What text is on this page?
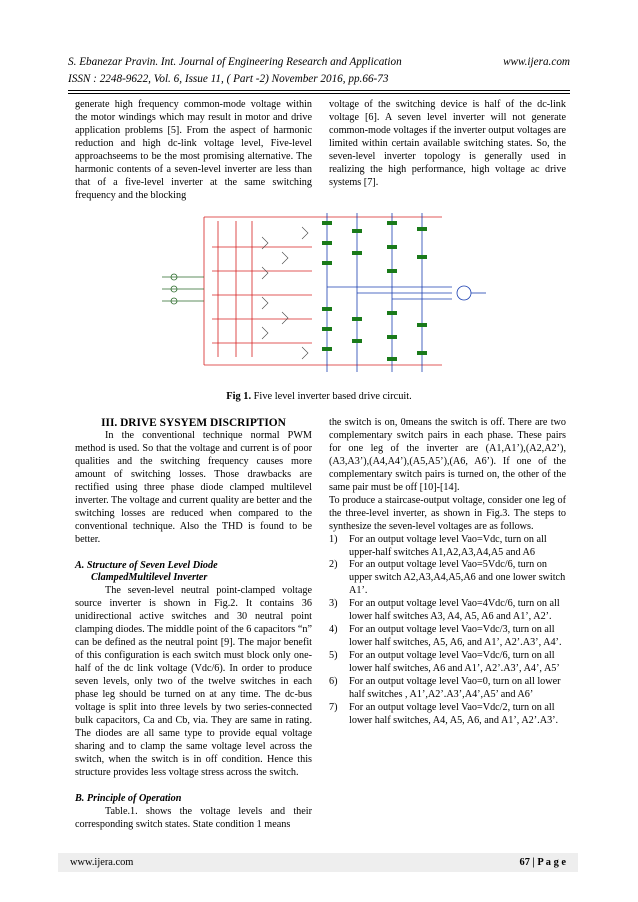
S. Ebanezar Pravin. Int. Journal of Engineering Research and Application	www.ijera.com
ISSN : 2248-9622, Vol. 6, Issue 11, ( Part -2) November 2016, pp.66-73

generate high frequency common-mode voltage within the motor windings which may result in motor and drive application problems [5]. From the aspect of harmonic reduction and high dc-link voltage level, Five-level approachseems to be the most promising alternative. The harmonic contents of a seven-level inverter are less than that of a five-level inverter at the same switching frequency and the blocking

voltage of the switching device is half of the dc-link voltage [6]. A seven level inverter will not generate common-mode voltages if the inverter output voltages are limited within certain available switching states. So, the seven-level inverter topology is generally used in realizing the high performance, high voltage ac drive systems [7].

Fig 1. Five level inverter based drive circuit.

III. DRIVE SYSYEM DISCRIPTION

In the conventional technique normal PWM method is used. So that the voltage and current is of poor qualities and the switching frequency causes more amount of switching losses. Those drawbacks are rectified using three phase diode clamped multilevel inverter. The voltage and current quality are better and the switching losses are reduced when compared to the conventional technique. Also the THD is found to be better.

A. Structure of Seven Level Diode
ClampedMultilevel Inverter

The seven-level neutral point-clamped voltage source inverter is shown in Fig.2. It contains 36 unidirectional active switches and 30 neutral point clamping diodes. The middle point of the 6 capacitors “n” can be defined as the neutral point [9]. The major benefit of this configuration is each switch must block only one-half of the dc link voltage (Vdc/6). In order to produce seven levels, only two of the twelve switches in each phase leg should be turned on at any time. The dc-bus voltage is split into three levels by two series-connected bulk capacitors, Ca and Cb, via. They are same in rating. The diodes are all same type to provide equal voltage sharing and to clamp the same voltage level across the switch, when the switch is in off condition. Hence this structure provides less voltage stress across the switch.

B. Principle of Operation

Table.1. shows the voltage levels and their corresponding switch states. State condition 1 means

the switch is on, 0means the switch is off. There are two complementary switch pairs in each phase. These pairs for one leg of the inverter are (A1,A1’),(A2,A2’),(A3,A3’),(A4,A4’),(A5,A5’),(A6, A6’). If one of the complementary switch pairs is turned on, the other of the same pair must be off [10]-[14].

To produce a staircase-output voltage, consider one leg of the three-level inverter, as shown in Fig.3. The steps to synthesize the seven-level voltages are as follows.

1)	For an output voltage level Vao=Vdc, turn on all upper-half switches A1,A2,A3,A4,A5 and A6
2)	For an output voltage level Vao=5Vdc/6, turn on upper switch A2,A3,A4,A5,A6 and one lower switch A1’.
3)	For an output voltage level Vao=4Vdc/6, turn on all lower half switches A3, A4, A5, A6 and A1’, A2’.
4)	For an output voltage level Vao=Vdc/3, turn on all lower half switches, A5, A6, and A1’, A2’.A3’, A4’.
5)	For an output voltage level Vao=Vdc/6, turn on all lower half switches, A6 and A1’, A2’.A3’, A4’, A5’
6)	For an output voltage level Vao=0, turn on all lower half switches , A1’,A2’.A3’,A4’,A5’ and A6’
7)	For an output voltage level Vao=Vdc/2, turn on all lower half switches, A4, A5, A6, and A1’, A2’.A3’.
www.ijera.com	67 | P a g e
